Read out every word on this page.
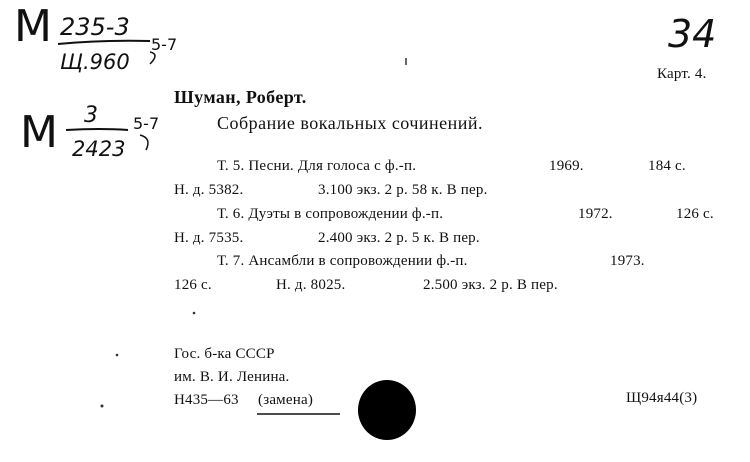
М 235-3
Щ.960
5-7
М 3
2423
5-7
34
Карт. 4.
Шуман, Роберт.
Собрание вокальных сочинений.
Т. 5. Песни. Для голоса с ф.-п.	1969.	184 с.
Н. д. 5382.	3.100 экз. 2 р. 58 к. В пер.
Т. 6. Дуэты в сопровождении ф.-п.	1972.	126 с.
Н. д. 7535.	2.400 экз. 2 р. 5 к. В пер.
Т. 7. Ансамбли в сопровождении ф.-п.	1973.
126 с.	Н. д. 8025.	2.500 экз. 2 р. В пер.
Гос. б-ка СССР
им. В. И. Ленина.
Н435—63 (замена)	Щ94я44(3)
